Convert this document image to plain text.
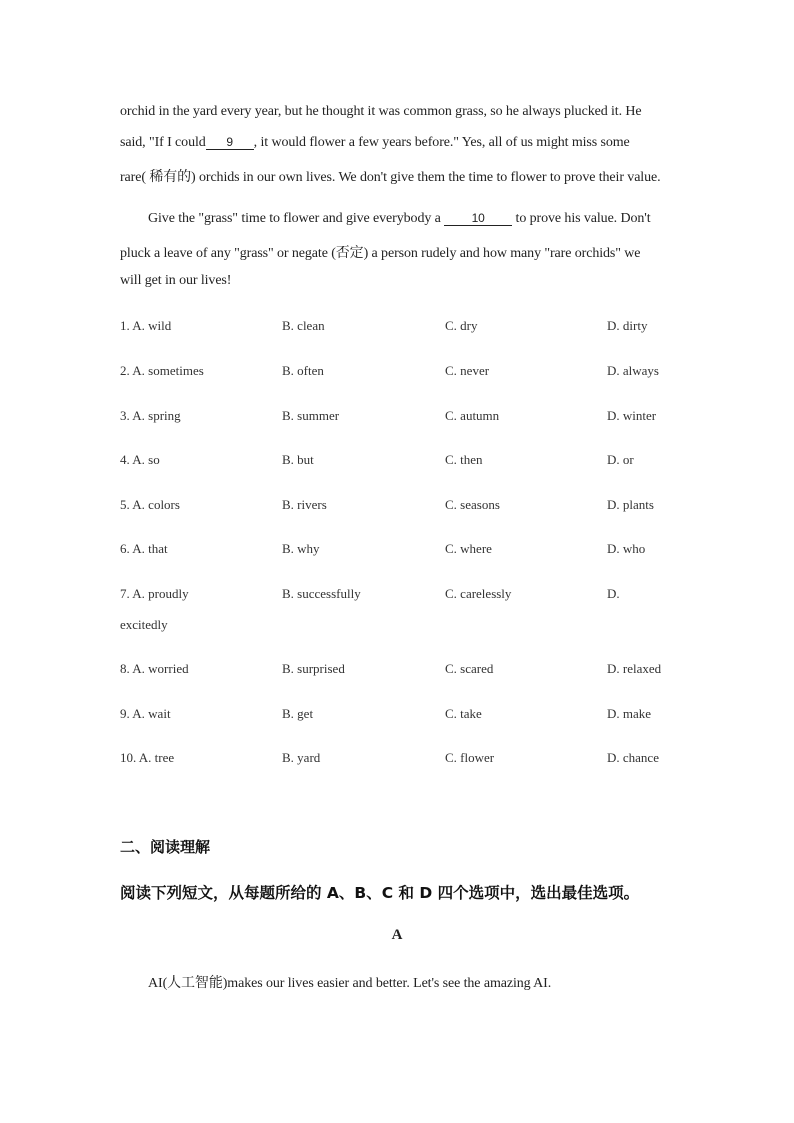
orchid in the yard every year, but he thought it was common grass, so he always plucked it. He
said, "If I could 9 , it would flower a few years before." Yes, all of us might miss some
rare( 稀有的) orchids in our own lives. We don't give them the time to flower to prove their value.
Give the "grass" time to flower and give everybody a 10 to prove his value. Don't
pluck a leave of any "grass" or negate (否定) a person rudely and how many "rare orchids" we
will get in our lives!
1. A. wild	B. clean	C. dry	D. dirty
2. A. sometimes	B. often	C. never	D. always
3. A. spring	B. summer	C. autumn	D. winter
4. A. so	B. but	C. then	D. or
5. A. colors	B. rivers	C. seasons	D. plants
6. A. that	B. why	C. where	D. who
7. A. proudly	B. successfully	C. carelessly	D.
excitedly
8. A. worried	B. surprised	C. scared	D. relaxed
9. A. wait	B. get	C. take	D. make
10. A. tree	B. yard	C. flower	D. chance
二、阅读理解
阅读下列短文，从每题所给的 A、B、C 和 D 四个选项中，选出最佳选项。
A
AI(人工智能)makes our lives easier and better. Let's see the amazing AI.
